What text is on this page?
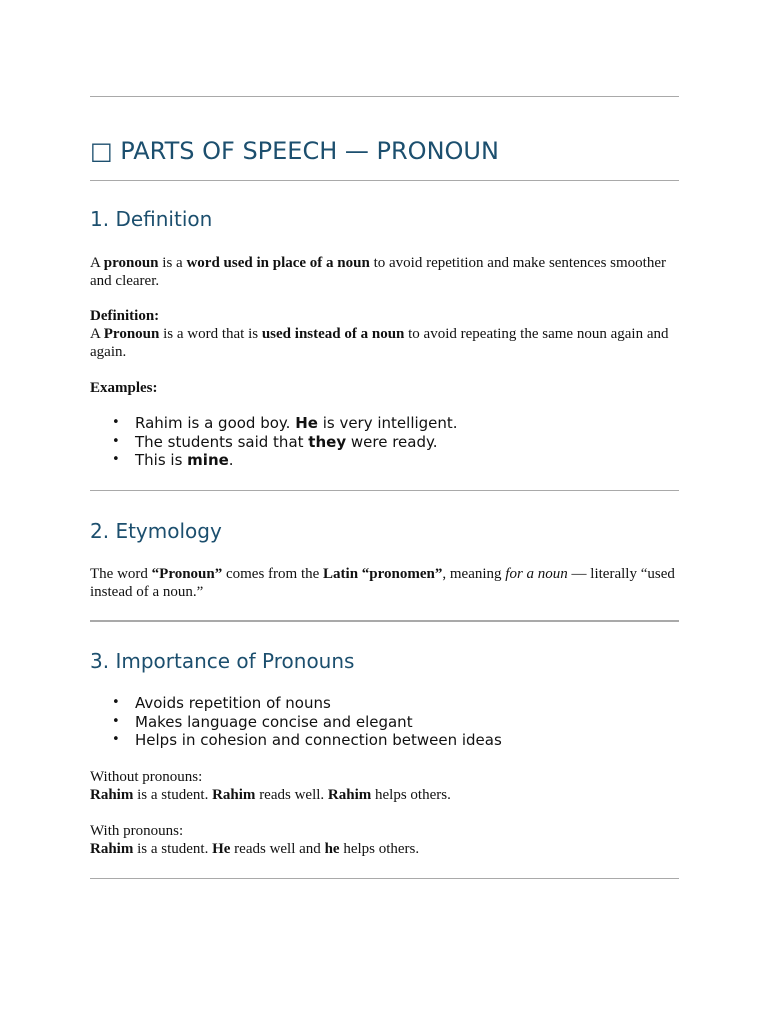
□ PARTS OF SPEECH — PRONOUN
1. Definition
A pronoun is a word used in place of a noun to avoid repetition and make sentences smoother and clearer.
Definition:
A Pronoun is a word that is used instead of a noun to avoid repeating the same noun again and again.
Examples:
• Rahim is a good boy. He is very intelligent.
• The students said that they were ready.
• This is mine.
2. Etymology
The word “Pronoun” comes from the Latin “pronomen”, meaning for a noun — literally “used instead of a noun.”
3. Importance of Pronouns
• Avoids repetition of nouns
• Makes language concise and elegant
• Helps in cohesion and connection between ideas
Without pronouns:
Rahim is a student. Rahim reads well. Rahim helps others.
With pronouns:
Rahim is a student. He reads well and he helps others.
